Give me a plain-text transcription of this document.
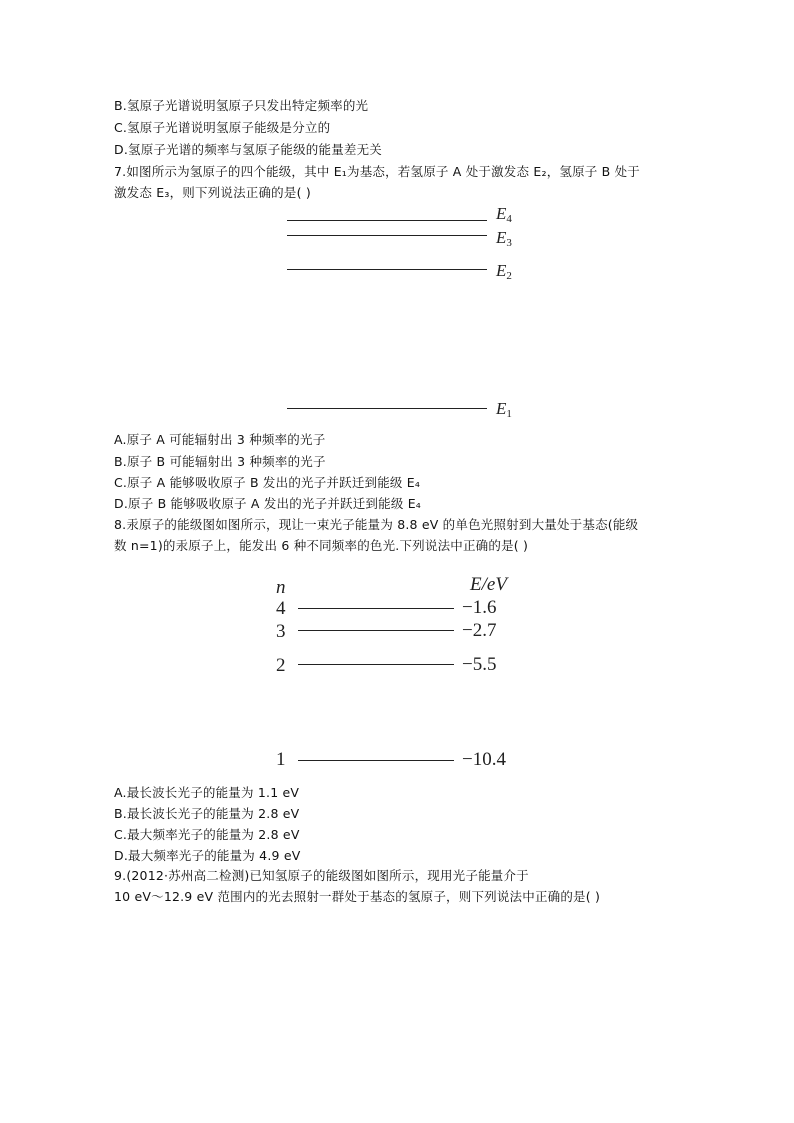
B.氢原子光谱说明氢原子只发出特定频率的光
C.氢原子光谱说明氢原子能级是分立的
D.氢原子光谱的频率与氢原子能级的能量差无关
7.如图所示为氢原子的四个能级，其中 E₁为基态，若氢原子 A 处于激发态 E₂，氢原子 B 处于
激发态 E₃，则下列说法正确的是( )
$E_4$
$E_3$
$E_2$
$E_1$
A.原子 A 可能辐射出 3 种频率的光子
B.原子 B 可能辐射出 3 种频率的光子
C.原子 A 能够吸收原子 B 发出的光子并跃迁到能级 E₄
D.原子 B 能够吸收原子 A 发出的光子并跃迁到能级 E₄
8.汞原子的能级图如图所示，现让一束光子能量为 8.8 eV 的单色光照射到大量处于基态(能级
数 n=1)的汞原子上，能发出 6 种不同频率的色光.下列说法中正确的是( )
n	E/eV
4	−1.6
3	−2.7
2	−5.5
1	−10.4
A.最长波长光子的能量为 1.1 eV
B.最长波长光子的能量为 2.8 eV
C.最大频率光子的能量为 2.8 eV
D.最大频率光子的能量为 4.9 eV
9.(2012·苏州高二检测)已知氢原子的能级图如图所示，现用光子能量介于
10 eV～12.9 eV 范围内的光去照射一群处于基态的氢原子，则下列说法中正确的是( )
